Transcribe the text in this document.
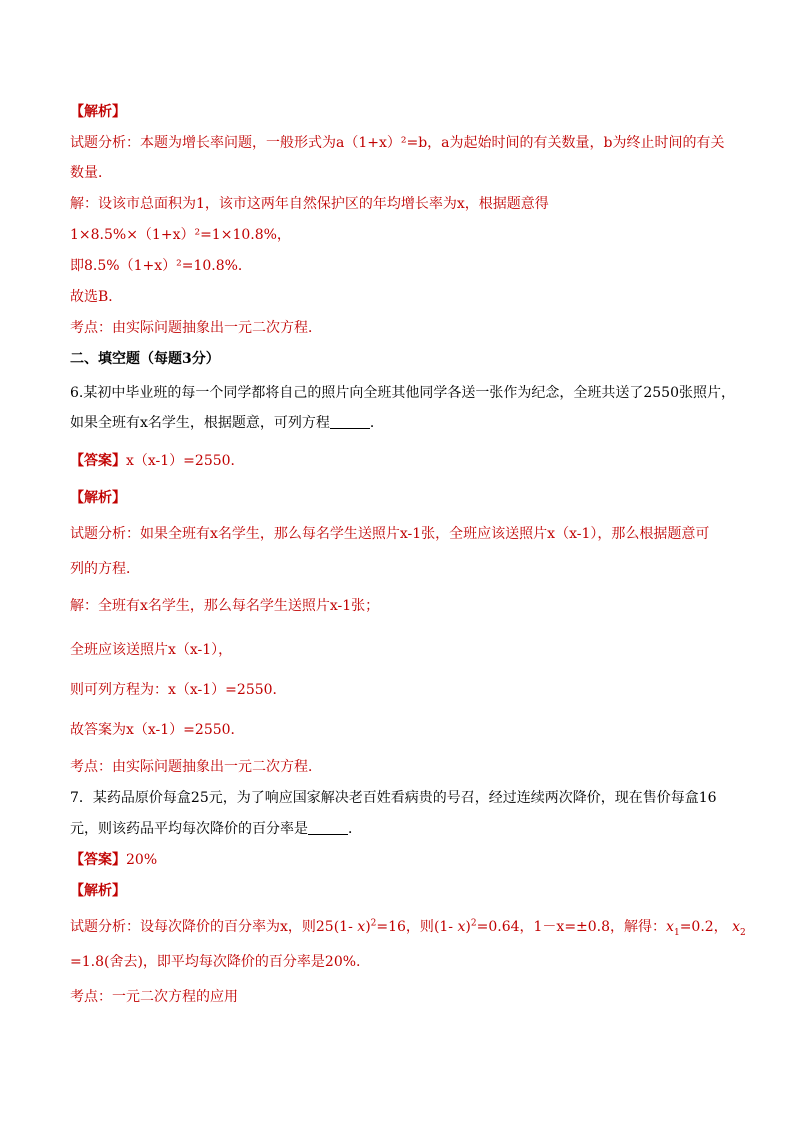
【解析】
试题分析：本题为增长率问题，一般形式为a（1+x）²=b，a为起始时间的有关数量，b为终止时间的有关
数量．
解：设该市总面积为1，该市这两年自然保护区的年均增长率为x，根据题意得
1×8.5%×（1+x）²=1×10.8%，
即8.5%（1+x）²=10.8%．
故选B．
考点：由实际问题抽象出一元二次方程．
二、填空题（每题3分）
6.某初中毕业班的每一个同学都将自己的照片向全班其他同学各送一张作为纪念，全班共送了2550张照片，
如果全班有x名学生，根据题意，可列方程	．
【答案】x（x-1）=2550．
【解析】
试题分析：如果全班有x名学生，那么每名学生送照片x-1张，全班应该送照片x（x-1），那么根据题意可
列的方程．
解：全班有x名学生，那么每名学生送照片x-1张；
全班应该送照片x（x-1），
则可列方程为：x（x-1）=2550．
故答案为x（x-1）=2550．
考点：由实际问题抽象出一元二次方程．
7．某药品原价每盒25元，为了响应国家解决老百姓看病贵的号召，经过连续两次降价，现在售价每盒16
元，则该药品平均每次降价的百分率是	．
【答案】20%
【解析】
试题分析：设每次降价的百分率为x，则25(1- x)$^2$=16，则(1- x)$^2$=0.64，1－x=±0.8，解得：$x_1=0.2$， $x_2$
=1.8(舍去)，即平均每次降价的百分率是20%.
考点：一元二次方程的应用
